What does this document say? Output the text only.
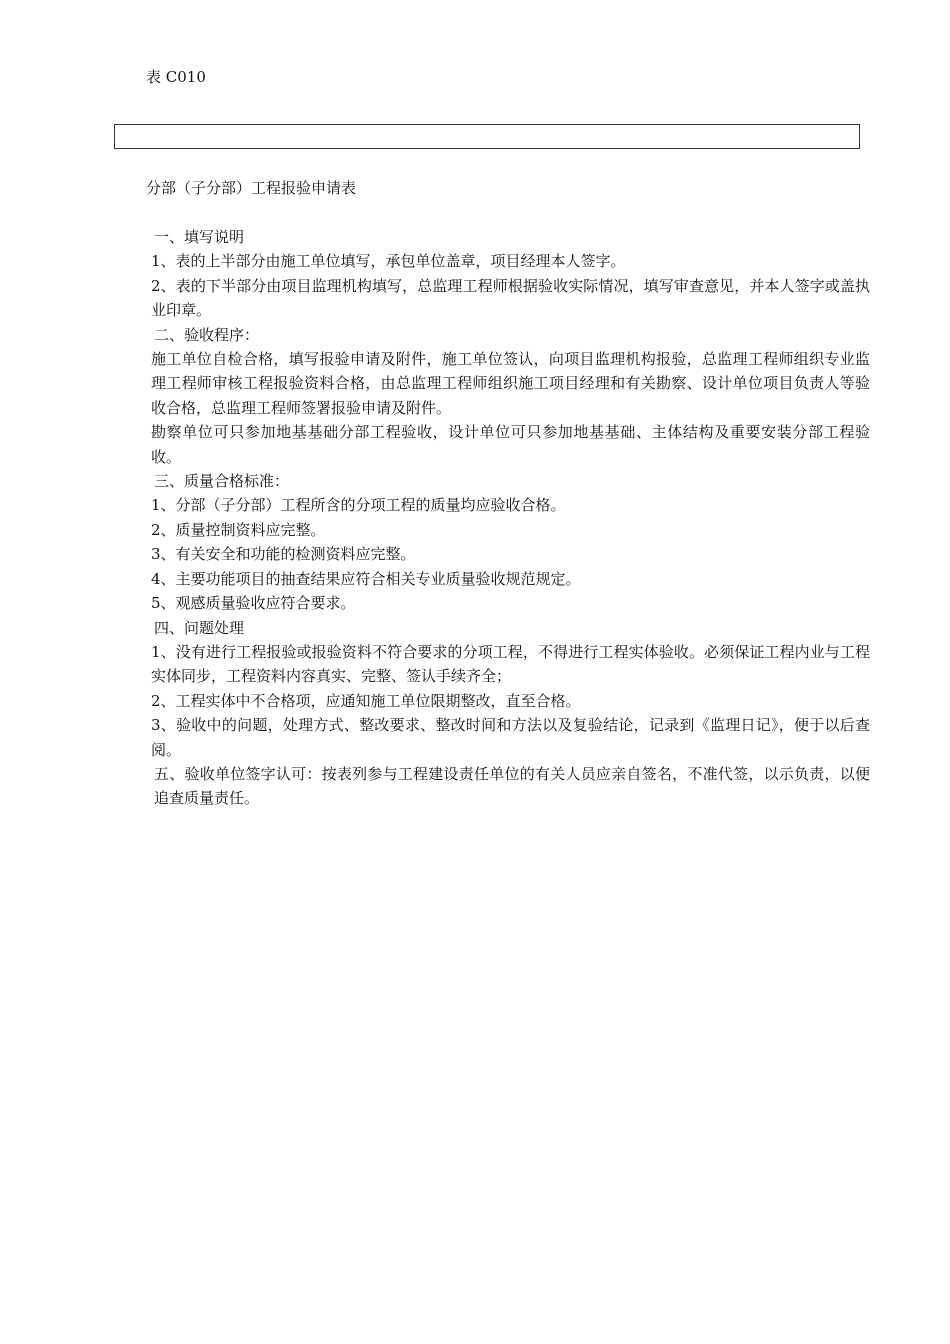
表 C010
分部（子分部）工程报验申请表

一、填写说明

1、表的上半部分由施工单位填写，承包单位盖章，项目经理本人签字。

2、表的下半部分由项目监理机构填写，总监理工程师根据验收实际情况，填写审查意见，并本人签字或盖执业印章。

二、验收程序：

施工单位自检合格，填写报验申请及附件，施工单位签认，向项目监理机构报验，总监理工程师组织专业监理工程师审核工程报验资料合格，由总监理工程师组织施工项目经理和有关勘察、设计单位项目负责人等验收合格，总监理工程师签署报验申请及附件。

勘察单位可只参加地基基础分部工程验收，设计单位可只参加地基基础、主体结构及重要安装分部工程验收。

三、质量合格标准：

1、分部（子分部）工程所含的分项工程的质量均应验收合格。

2、质量控制资料应完整。

3、有关安全和功能的检测资料应完整。

4、主要功能项目的抽查结果应符合相关专业质量验收规范规定。

5、观感质量验收应符合要求。

四、问题处理

1、没有进行工程报验或报验资料不符合要求的分项工程，不得进行工程实体验收。必须保证工程内业与工程实体同步，工程资料内容真实、完整、签认手续齐全；

2、工程实体中不合格项，应通知施工单位限期整改，直至合格。

3、验收中的问题，处理方式、整改要求、整改时间和方法以及复验结论，记录到《监理日记》，便于以后查阅。

五、验收单位签字认可：按表列参与工程建设责任单位的有关人员应亲自签名，不准代签，以示负责，以便追查质量责任。
